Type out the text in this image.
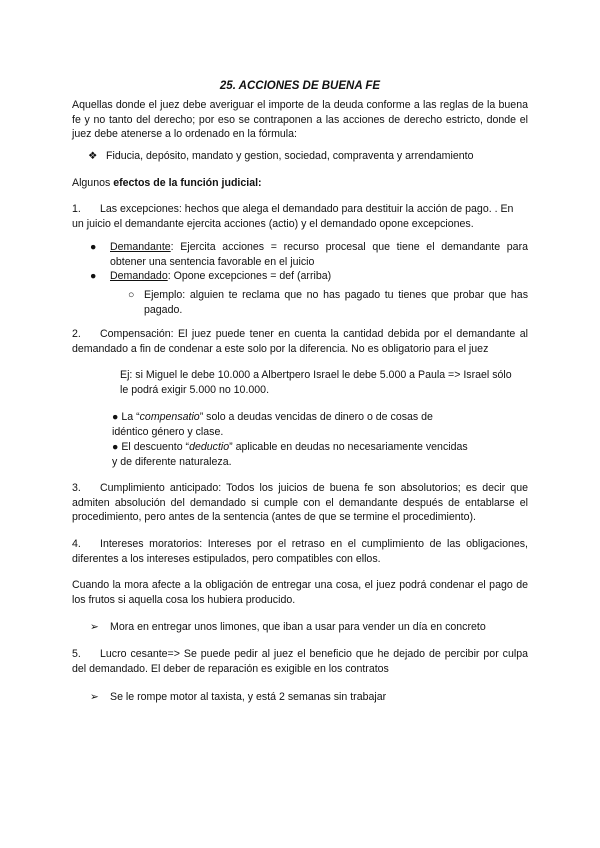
25. ACCIONES DE BUENA FE

Aquellas donde el juez debe averiguar el importe de la deuda conforme a las reglas de la buena fe y no tanto del derecho; por eso se contraponen a las acciones de derecho estricto, donde el juez debe atenerse a lo ordenado en la fórmula:

❖ Fiducia, depósito, mandato y gestion, sociedad, compraventa y arrendamiento

Algunos efectos de la función judicial:

1. Las excepciones: hechos que alega el demandado para destituir la acción de pago. . En un juicio el demandante ejercita acciones (actio) y el demandado opone excepciones.

●	Demandante: Ejercita acciones = recurso procesal que tiene el demandante para obtener una sentencia favorable en el juicio
●	Demandado: Opone excepciones = def (arriba)
○ Ejemplo: alguien te reclama que no has pagado tu tienes que probar que has pagado.

2. Compensación: El juez puede tener en cuenta la cantidad debida por el demandante al demandado a fin de condenar a este solo por la diferencia. No es obligatorio para el juez

Ej: si Miguel le debe 10.000 a Albertpero Israel le debe 5.000 a Paula => Israel sólo le podrá exigir 5.000 no 10.000.

● La “compensatio” solo a deudas vencidas de dinero o de cosas de
idéntico género y clase.
● El descuento “deductio” aplicable en deudas no necesariamente vencidas
y de diferente naturaleza.

3. Cumplimiento anticipado: Todos los juicios de buena fe son absolutorios; es decir que admiten absolución del demandado si cumple con el demandante después de entablarse el procedimiento, pero antes de la sentencia (antes de que se termine el procedimiento).

4. Intereses moratorios: Intereses por el retraso en el cumplimiento de las obligaciones, diferentes a los intereses estipulados, pero compatibles con ellos.

Cuando la mora afecte a la obligación de entregar una cosa, el juez podrá condenar el pago de los frutos si aquella cosa los hubiera producido.

➢	Mora en entregar unos limones, que iban a usar para vender un día en concreto

5. Lucro cesante=> Se puede pedir al juez el beneficio que he dejado de percibir por culpa del demandado. El deber de reparación es exigible en los contratos

➢	Se le rompe motor al taxista, y está 2 semanas sin trabajar
